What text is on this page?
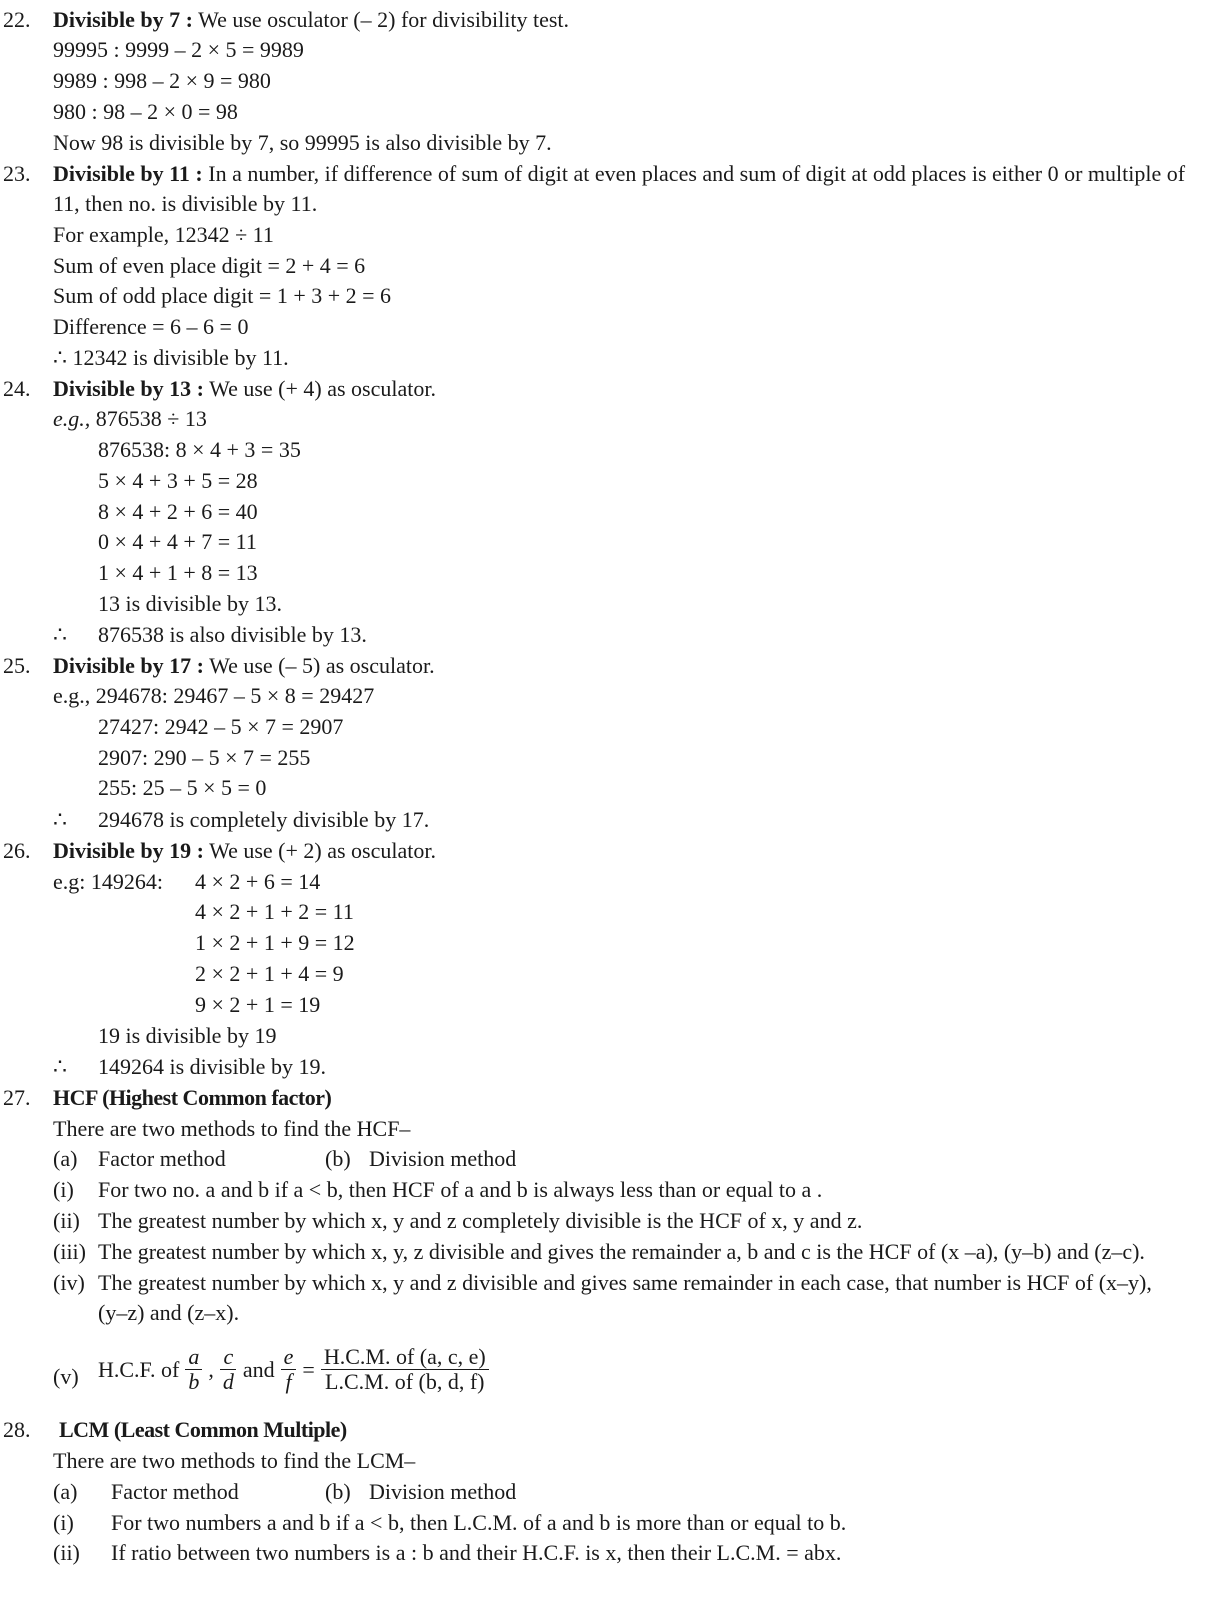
22. Divisible by 7 : We use osculator (– 2) for divisibility test.
99995 : 9999 – 2 × 5 = 9989
9989 : 998 – 2 × 9 = 980
980 : 98 – 2 × 0 = 98
Now 98 is divisible by 7, so 99995 is also divisible by 7.
23. Divisible by 11 : In a number, if difference of sum of digit at even places and sum of digit at odd places is either 0 or multiple of
11, then no. is divisible by 11.
For example, 12342 ÷ 11
Sum of even place digit = 2 + 4 = 6
Sum of odd place digit = 1 + 3 + 2 = 6
Difference = 6 – 6 = 0
∴ 12342 is divisible by 11.
24. Divisible by 13 : We use (+ 4) as osculator.
e.g., 876538 ÷ 13
876538: 8 × 4 + 3 = 35
5 × 4 + 3 + 5 = 28
8 × 4 + 2 + 6 = 40
0 × 4 + 4 + 7 = 11
1 × 4 + 1 + 8 = 13
13 is divisible by 13.
∴ 876538 is also divisible by 13.
25. Divisible by 17 : We use (– 5) as osculator.
e.g., 294678: 29467 – 5 × 8 = 29427
27427: 2942 – 5 × 7 = 2907
2907: 290 – 5 × 7 = 255
255: 25 – 5 × 5 = 0
∴ 294678 is completely divisible by 17.
26. Divisible by 19 : We use (+ 2) as osculator.
e.g: 149264: 4 × 2 + 6 = 14
4 × 2 + 1 + 2 = 11
1 × 2 + 1 + 9 = 12
2 × 2 + 1 + 4 = 9
9 × 2 + 1 = 19
19 is divisible by 19
∴ 149264 is divisible by 19.
27. HCF (Highest Common factor)
There are two methods to find the HCF–
(a) Factor method	(b) Division method
(i) For two no. a and b if a < b, then HCF of a and b is always less than or equal to a .
(ii) The greatest number by which x, y and z completely divisible is the HCF of x, y and z.
(iii) The greatest number by which x, y, z divisible and gives the remainder a, b and c is the HCF of (x –a), (y–b) and (z–c).
(iv) The greatest number by which x, y and z divisible and gives same remainder in each case, that number is HCF of (x–y),
(y–z) and (z–x).
(v) H.C.F. of $\frac{a}{b}$ , $\frac{c}{d}$ and $\frac{e}{f} = \frac{H.C.M. of (a, c, e)}{L.C.M. of (b, d, f)}$
28. LCM (Least Common Multiple)
There are two methods to find the LCM–
(a) Factor method	(b) Division method
(i) For two numbers a and b if a < b, then L.C.M. of a and b is more than or equal to b.
(ii) If ratio between two numbers is a : b and their H.C.F. is x, then their L.C.M. = abx.
